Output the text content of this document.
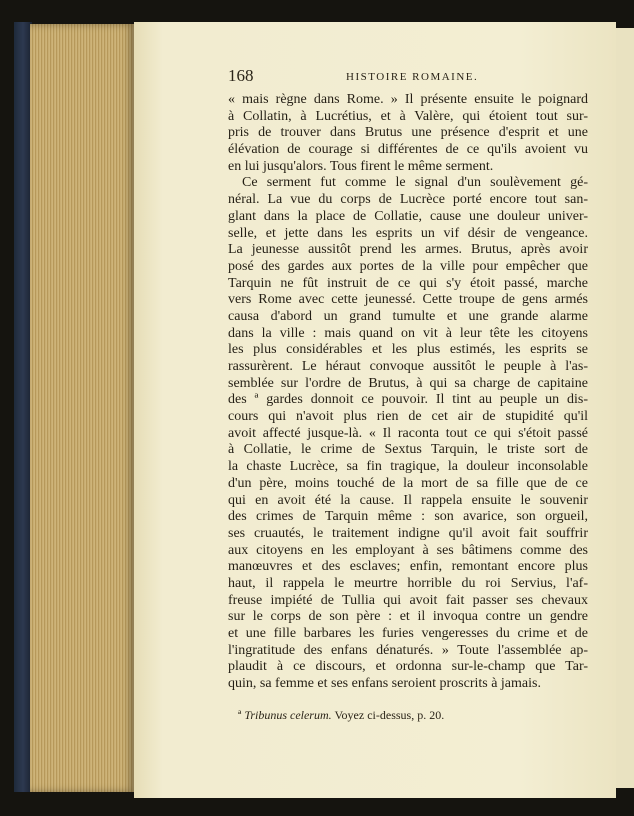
168	HISTOIRE ROMAINE.
« mais règne dans Rome. » Il présente ensuite le poignard
à Collatin, à Lucrétius, et à Valère, qui étoient tout sur-
pris de trouver dans Brutus une présence d'esprit et une
élévation de courage si différentes de ce qu'ils avoient vu
en lui jusqu'alors. Tous firent le même serment.
Ce serment fut comme le signal d'un soulèvement gé-
néral. La vue du corps de Lucrèce porté encore tout san-
glant dans la place de Collatie, cause une douleur univer-
selle, et jette dans les esprits un vif désir de vengeance.
La jeunesse aussitôt prend les armes. Brutus, après avoir
posé des gardes aux portes de la ville pour empêcher que
Tarquin ne fût instruit de ce qui s'y étoit passé, marche
vers Rome avec cette jeunessé. Cette troupe de gens armés
causa d'abord un grand tumulte et une grande alarme
dans la ville : mais quand on vit à leur tête les citoyens
les plus considérables et les plus estimés, les esprits se
rassurèrent. Le héraut convoque aussitôt le peuple à l'as-
semblée sur l'ordre de Brutus, à qui sa charge de capitaine
des ª gardes donnoit ce pouvoir. Il tint au peuple un dis-
cours qui n'avoit plus rien de cet air de stupidité qu'il
avoit affecté jusque-là. « Il raconta tout ce qui s'étoit passé
à Collatie, le crime de Sextus Tarquin, le triste sort de
la chaste Lucrèce, sa fin tragique, la douleur inconsolable
d'un père, moins touché de la mort de sa fille que de ce
qui en avoit été la cause. Il rappela ensuite le souvenir
des crimes de Tarquin même : son avarice, son orgueil,
ses cruautés, le traitement indigne qu'il avoit fait souffrir
aux citoyens en les employant à ses bâtimens comme des
manœuvres et des esclaves; enfin, remontant encore plus
haut, il rappela le meurtre horrible du roi Servius, l'af-
freuse impiété de Tullia qui avoit fait passer ses chevaux
sur le corps de son père : et il invoqua contre un gendre
et une fille barbares les furies vengeresses du crime et de
l'ingratitude des enfans dénaturés. » Toute l'assemblée ap-
plaudit à ce discours, et ordonna sur-le-champ que Tar-
quin, sa femme et ses enfans seroient proscrits à jamais.
ª Tribunus celerum. Voyez ci-dessus, p. 20.
